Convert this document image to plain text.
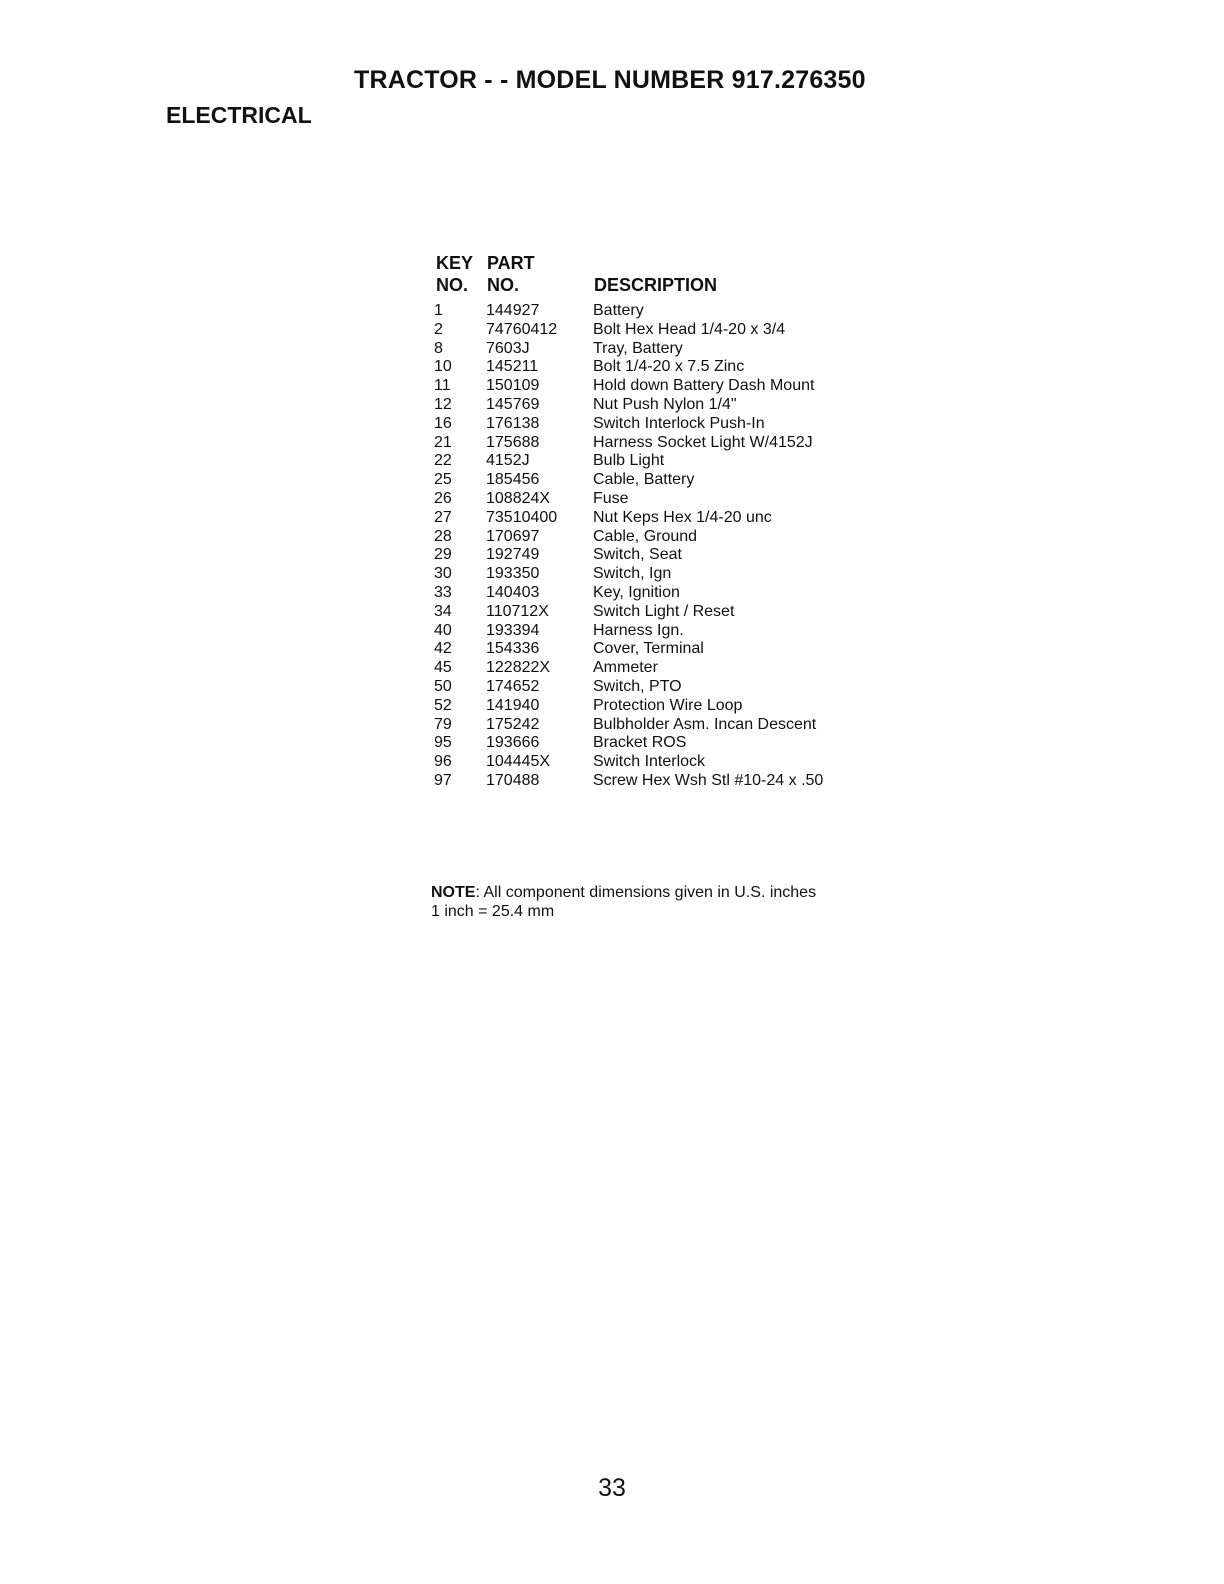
TRACTOR - - MODEL NUMBER 917.276350
ELECTRICAL
KEY
NO.
PART
NO.	DESCRIPTION
1	144927	Battery
2	74760412 Bolt Hex Head 1/4-20 x 3/4
8	7603J	Tray, Battery
10 145211	Bolt 1/4-20 x 7.5 Zinc
11 150109	Hold down Battery Dash Mount
12 145769	Nut Push Nylon 1/4"
16 176138	Switch Interlock Push-In
21 175688	Harness Socket Light W/4152J
22 4152J	Bulb Light
25 185456	Cable, Battery
26 108824X	Fuse
27 73510400 Nut Keps Hex 1/4-20 unc
28 170697	Cable, Ground
29 192749	Switch, Seat
30 193350	Switch, Ign
33 140403	Key, Ignition
34 110712X	Switch Light / Reset
40 193394	Harness Ign.
42 154336	Cover, Terminal
45 122822X	Ammeter
50 174652	Switch, PTO
52 141940	Protection Wire Loop
79 175242	Bulbholder Asm. Incan Descent
95 193666	Bracket ROS
96 104445X	Switch Interlock
97 170488	Screw Hex Wsh Stl #10-24 x .50
NOTE: All component dimensions given in U.S. inches
1 inch = 25.4 mm
33
